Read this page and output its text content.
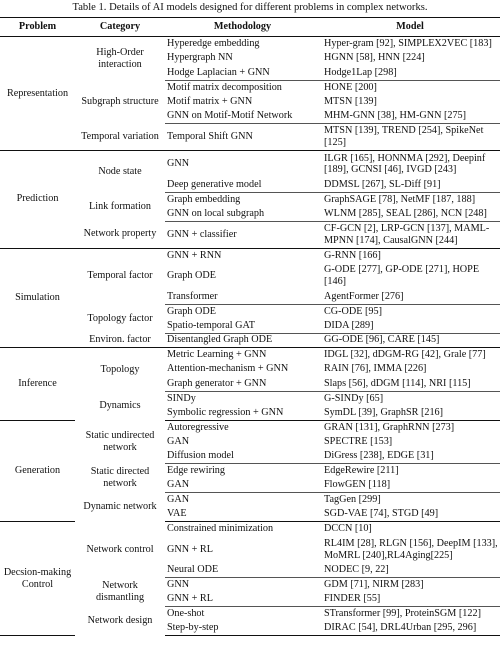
Table 1. Details of AI models designed for different problems in complex networks.
Problem	Category	Methodology	Model
Representation	High-Order interaction	Hyperedge embedding	Hyper-gram [92], SIMPLEX2VEC [183]
		Hypergraph NN	HGNN [58], HNN [224]
		Hodge Laplacian + GNN	Hodge1Lap [298]
	Subgraph structure	Motif matrix decomposition	HONE [200]
		Motif matrix + GNN	MTSN [139]
		GNN on Motif-Motif Network	MHM-GNN [38], HM-GNN [275]
	Temporal variation	Temporal Shift GNN	MTSN [139], TREND [254], SpikeNet [125]
Prediction	Node state	GNN	ILGR [165], HONNMA [292], Deepinf [189], GCNSI [46], IVGD [243]
		Deep generative model	DDMSL [267], SL-Diff [91]
	Link formation	Graph embedding	GraphSAGE [78], NetMF [187, 188]
		GNN on local subgraph	WLNM [285], SEAL [286], NCN [248]
	Network property	GNN + classifier	CF-GCN [2], LRP-GCN [137], MAML-MPNN [174], CausalGNN [244]
Simulation	Temporal factor	GNN + RNN	G-RNN [166]
		Graph ODE	G-ODE [277], GP-ODE [271], HOPE [146]
		Transformer	AgentFormer [276]
	Topology factor	Graph ODE	CG-ODE [95]
		Spatio-temporal GAT	DIDA [289]
	Environ. factor	Disentangled Graph ODE	GG-ODE [96], CARE [145]
Inference	Topology	Metric Learning + GNN	IDGL [32], dDGM-RG [42], Grale [77]
		Attention-mechanism + GNN	RAIN [76], IMMA [226]
		Graph generator + GNN	Slaps [56], dDGM [114], NRI [115]
	Dynamics	SINDy	G-SINDy [65]
		Symbolic regression + GNN	SymDL [39], GraphSR [216]
Generation	Static undirected network	Autoregressive	GRAN [131], GraphRNN [273]
		GAN	SPECTRE [153]
		Diffusion model	DiGress [238], EDGE [31]
	Static directed network	Edge rewiring	EdgeRewire [211]
		GAN	FlowGEN [118]
	Dynamic network	GAN	TagGen [299]
		VAE	SGD-VAE [74], STGD [49]
Decsion-making Control	Network control	Constrained minimization	DCCN [10]
		GNN + RL	RL4IM [28], RLGN [156], DeepIM [133], MoMRL [240],RL4Aging[225]
		Neural ODE	NODEC [9, 22]
	Network dismantling	GNN	GDM [71], NIRM [283]
		GNN + RL	FINDER [55]
	Network design	One-shot	STransformer [99], ProteinSGM [122]
		Step-by-step	DIRAC [54], DRL4Urban [295, 296]
